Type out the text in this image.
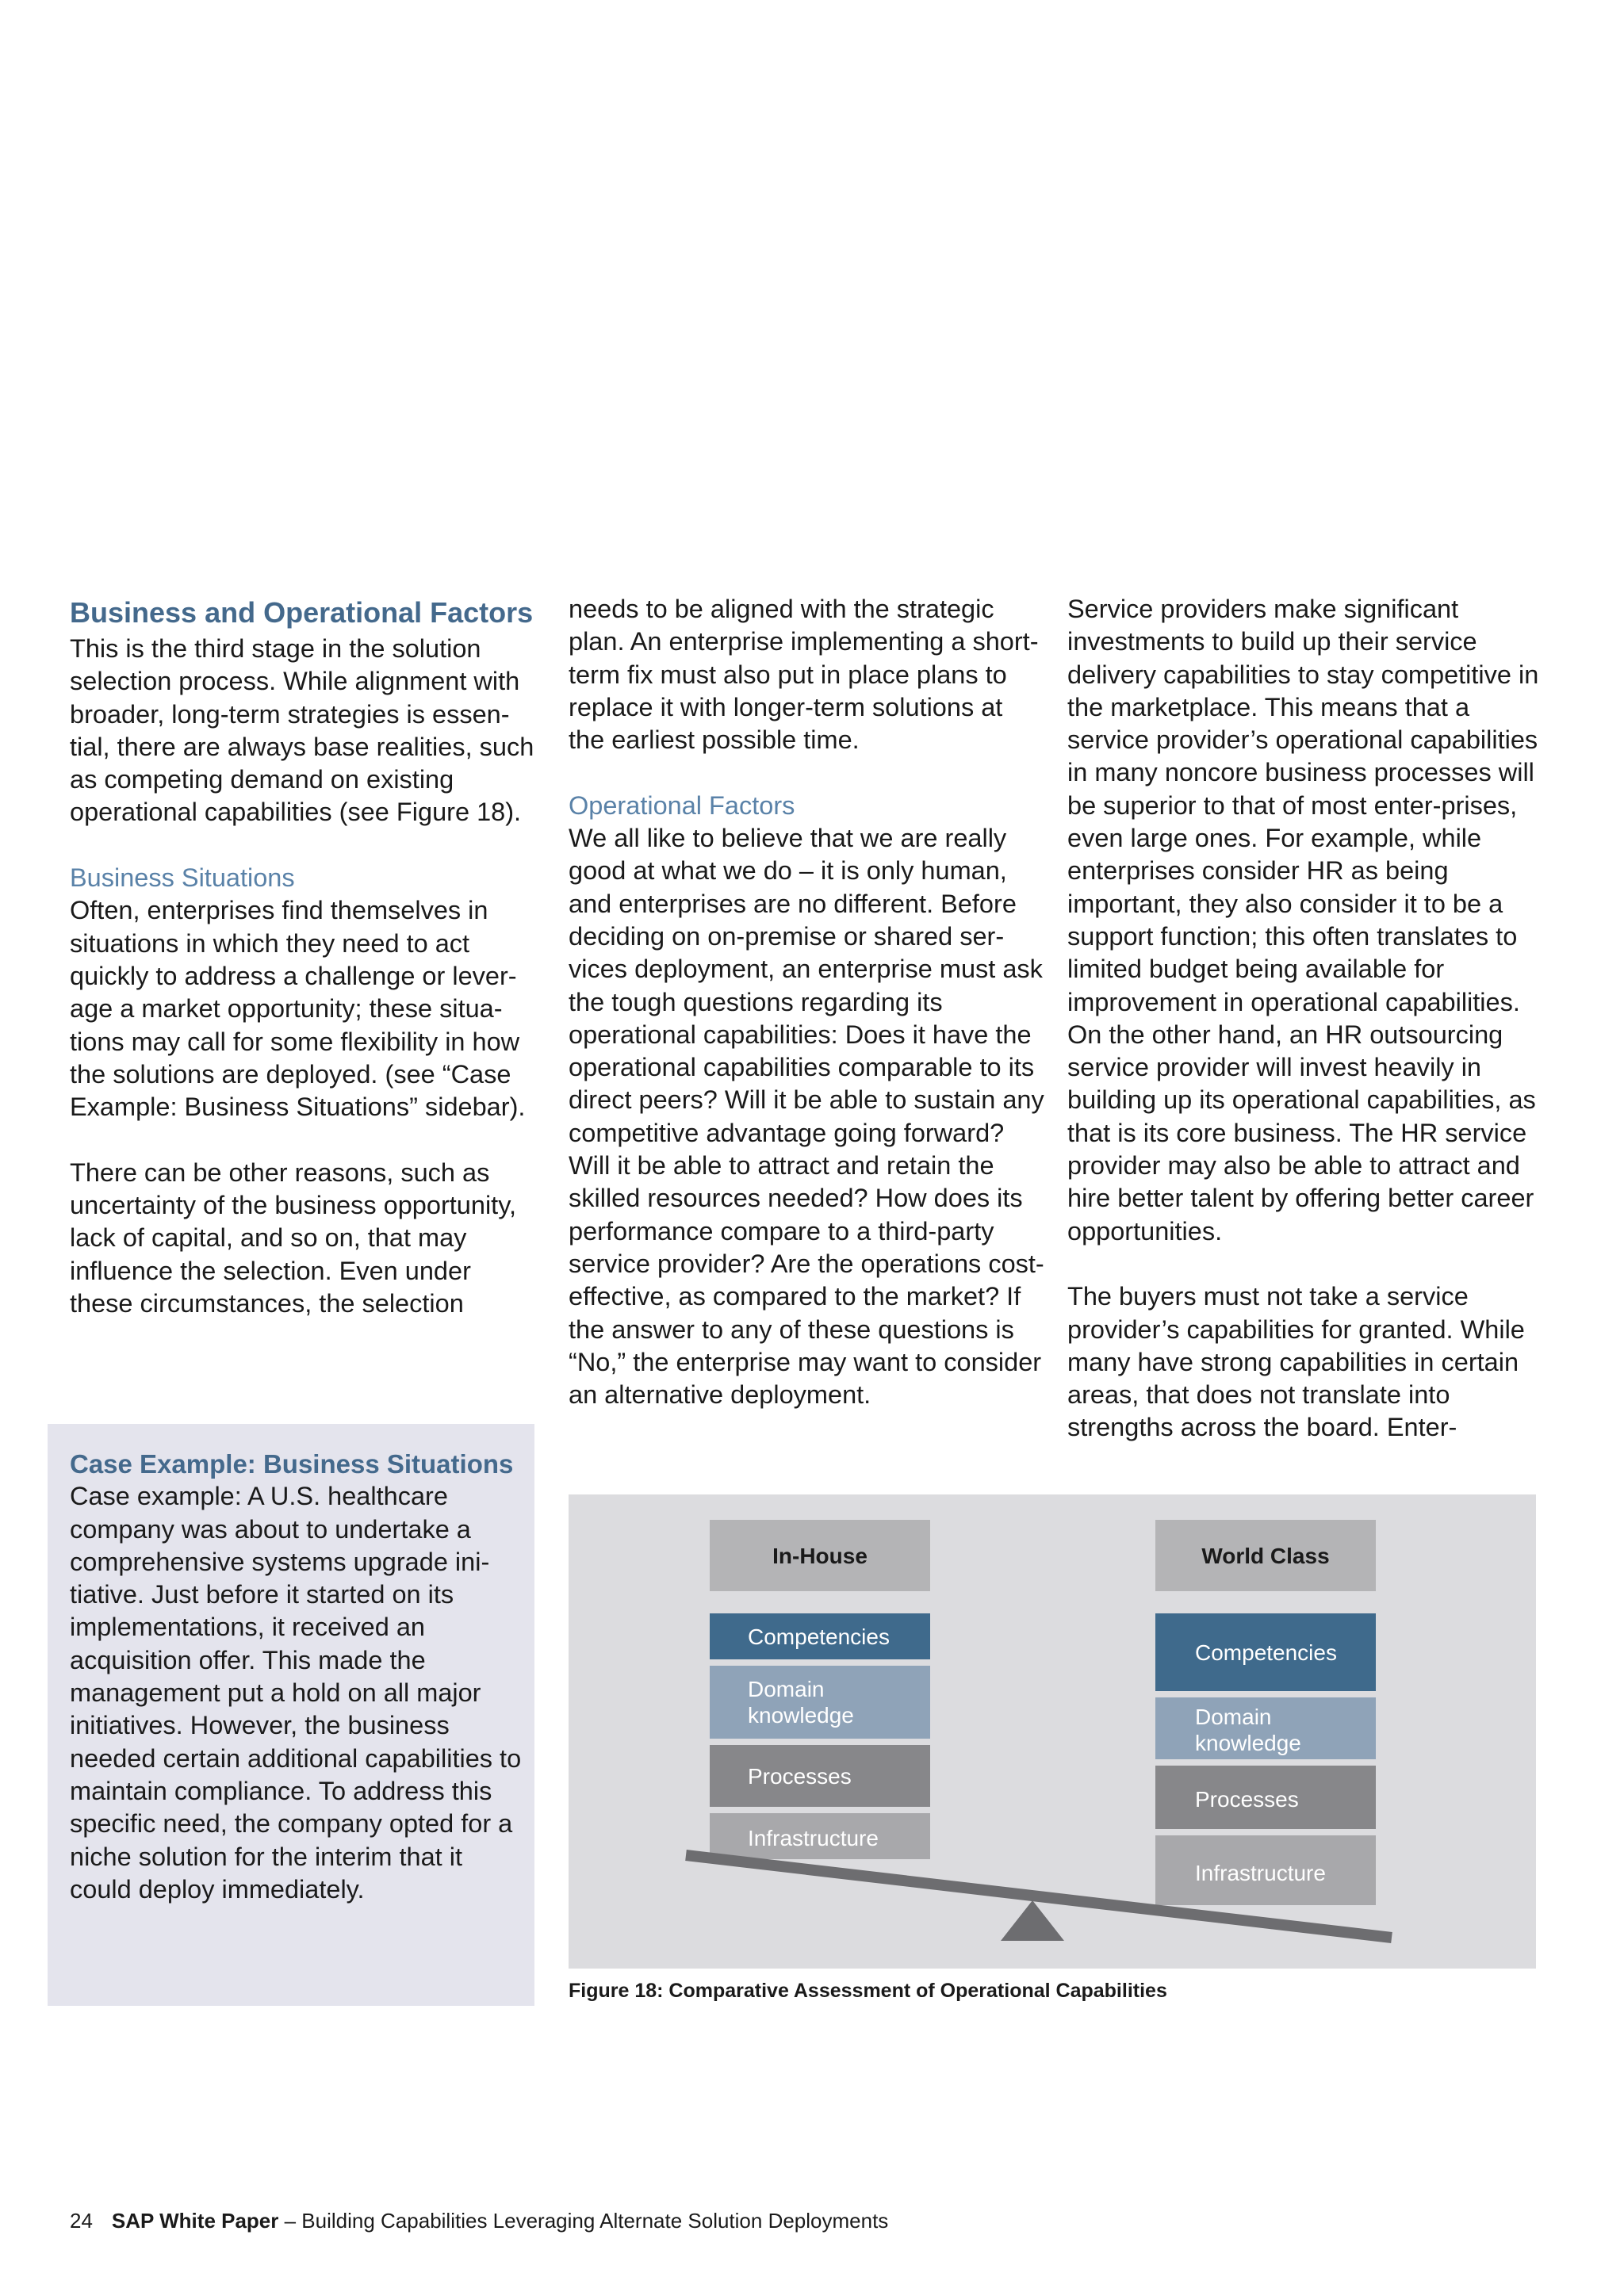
Business and Operational Factors

This is the third stage in the solution selection process. While alignment with broader, long-term strategies is essen-tial, there are always base realities, such as competing demand on existing operational capabilities (see Figure 18).

Business Situations

Often, enterprises find themselves in situations in which they need to act quickly to address a challenge or lever-age a market opportunity; these situa-tions may call for some flexibility in how the solutions are deployed. (see “Case Example: Business Situations” sidebar).

There can be other reasons, such as uncertainty of the business opportunity, lack of capital, and so on, that may influence the selection. Even under these circumstances, the selection

Case Example: Business Situations

Case example: A U.S. healthcare company was about to undertake a comprehensive systems upgrade ini-tiative. Just before it started on its implementations, it received an acquisition offer. This made the management put a hold on all major initiatives. However, the business needed certain additional capabilities to maintain compliance. To address this specific need, the company opted for a niche solution for the interim that it could deploy immediately.

needs to be aligned with the strategic plan. An enterprise implementing a short-term fix must also put in place plans to replace it with longer-term solutions at the earliest possible time.

Operational Factors

We all like to believe that we are really good at what we do – it is only human, and enterprises are no different. Before deciding on on-premise or shared ser-vices deployment, an enterprise must ask the tough questions regarding its operational capabilities: Does it have the operational capabilities comparable to its direct peers? Will it be able to sustain any competitive advantage going forward? Will it be able to attract and retain the skilled resources needed? How does its performance compare to a third-party service provider? Are the operations cost-effective, as compared to the market? If the answer to any of these questions is “No,” the enterprise may want to consider an alternative deployment.

Service providers make significant investments to build up their service delivery capabilities to stay competitive in the marketplace. This means that a service provider’s operational capabilities in many noncore business processes will be superior to that of most enter-prises, even large ones. For example, while enterprises consider HR as being important, they also consider it to be a support function; this often translates to limited budget being available for improvement in operational capabilities. On the other hand, an HR outsourcing service provider will invest heavily in building up its operational capabilities, as that is its core business. The HR service provider may also be able to attract and hire better talent by offering better career opportunities.

The buyers must not take a service provider’s capabilities for granted. While many have strong capabilities in certain areas, that does not translate into strengths across the board. Enter-

In-House
Competencies
Domain knowledge
Processes
Infrastructure
World Class
Competencies
Domain knowledge
Processes
Infrastructure
Figure 18: Comparative Assessment of Operational Capabilities
24 SAP White Paper – Building Capabilities Leveraging Alternate Solution Deployments
